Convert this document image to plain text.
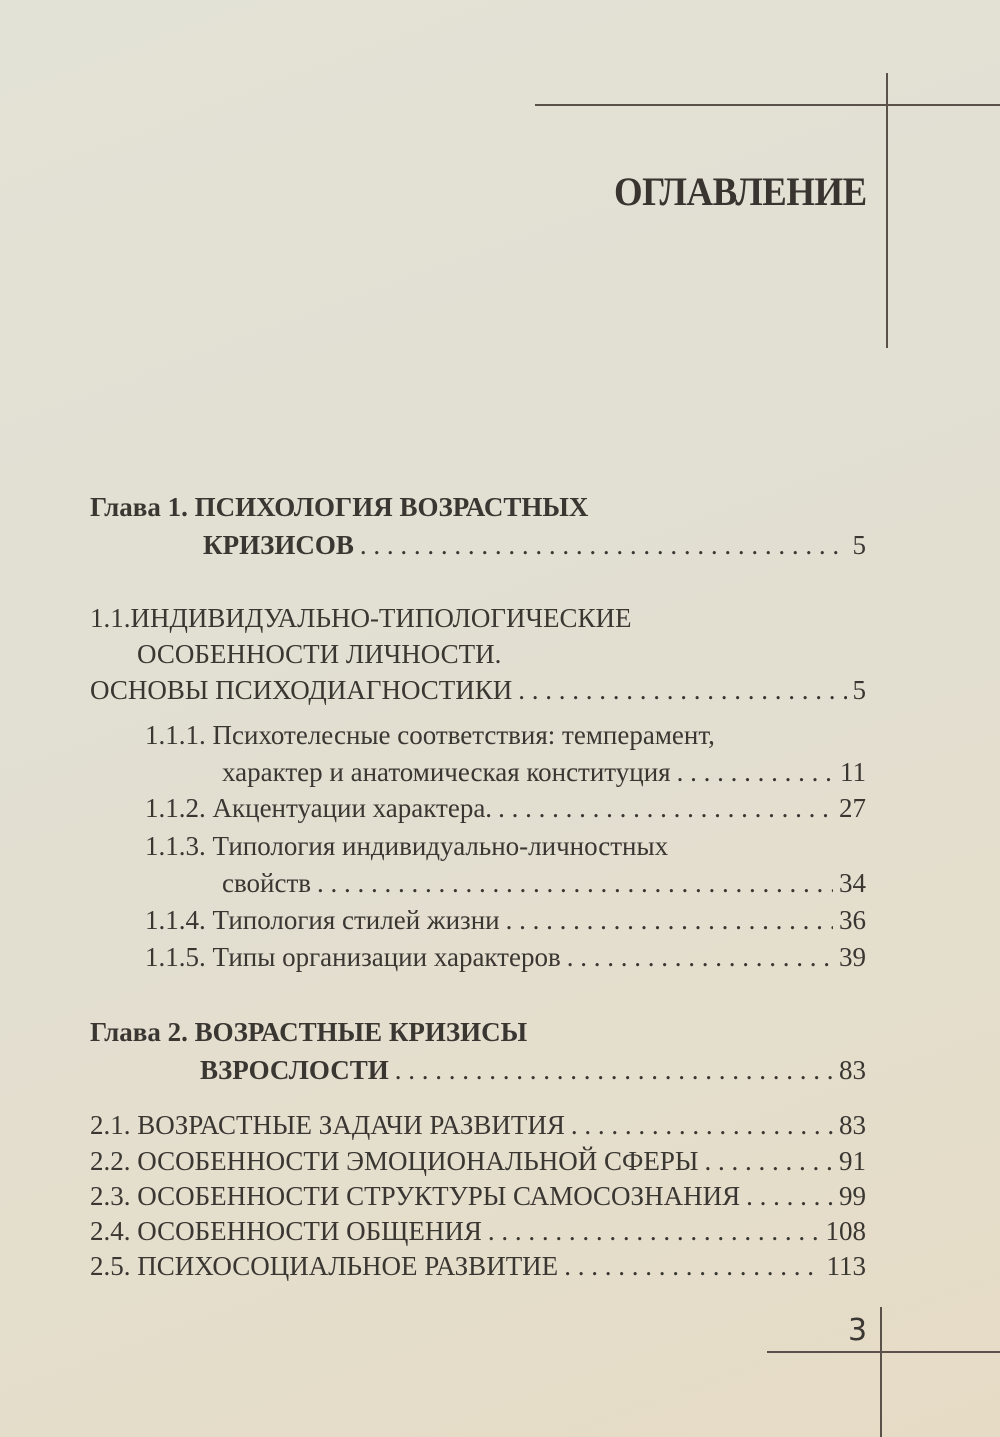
ОГЛАВЛЕНИЕ
Глава 1. ПСИХОЛОГИЯ ВОЗРАСТНЫХ
КРИЗИСОВ . . .	5
1.1.ИНДИВИДУАЛЬНО-ТИПОЛОГИЧЕСКИЕ
ОСОБЕННОСТИ ЛИЧНОСТИ.
ОСНОВЫ ПСИХОДИАГНОСТИКИ . . .	5
1.1.1. Психотелесные соответствия: темперамент,
характер и анатомическая конституция . . .	11
1.1.2. Акцентуации характера. . . .	27
1.1.3. Типология индивидуально-личностных
свойств . . .	34
1.1.4. Типология стилей жизни . . .	36
1.1.5. Типы организации характеров . . .	39
Глава 2. ВОЗРАСТНЫЕ КРИЗИСЫ
ВЗРОСЛОСТИ . . .	83
2.1. ВОЗРАСТНЫЕ ЗАДАЧИ РАЗВИТИЯ . . .	83
2.2. ОСОБЕННОСТИ ЭМОЦИОНАЛЬНОЙ СФЕРЫ . . .	91
2.3. ОСОБЕННОСТИ СТРУКТУРЫ САМОСОЗНАНИЯ . . .	99
2.4. ОСОБЕННОСТИ ОБЩЕНИЯ . . .	108
2.5. ПСИХОСОЦИАЛЬНОЕ РАЗВИТИЕ . . .	113
3
